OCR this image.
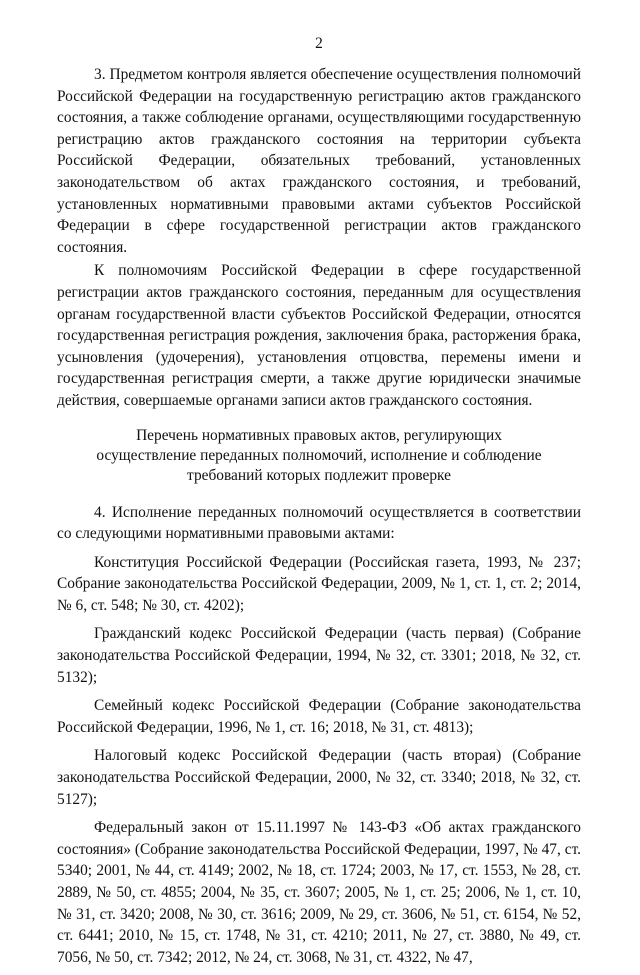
2

3. Предметом контроля является обеспечение осуществления полномочий Российской Федерации на государственную регистрацию актов гражданского состояния, а также соблюдение органами, осуществляющими государственную регистрацию актов гражданского состояния на территории субъекта Российской Федерации, обязательных требований, установленных законодательством об актах гражданского состояния, и требований, установленных нормативными правовыми актами субъектов Российской Федерации в сфере государственной регистрации актов гражданского состояния.

К полномочиям Российской Федерации в сфере государственной регистрации актов гражданского состояния, переданным для осуществления органам государственной власти субъектов Российской Федерации, относятся государственная регистрация рождения, заключения брака, расторжения брака, усыновления (удочерения), установления отцовства, перемены имени и государственная регистрация смерти, а также другие юридически значимые действия, совершаемые органами записи актов гражданского состояния.

Перечень нормативных правовых актов, регулирующих
осуществление переданных полномочий, исполнение и соблюдение
требований которых подлежит проверке

4. Исполнение переданных полномочий осуществляется в соответствии со следующими нормативными правовыми актами:

Конституция Российской Федерации (Российская газета, 1993, № 237; Собрание законодательства Российской Федерации, 2009, № 1, ст. 1, ст. 2; 2014, № 6, ст. 548; № 30, ст. 4202);

Гражданский кодекс Российской Федерации (часть первая) (Собрание законодательства Российской Федерации, 1994, № 32, ст. 3301; 2018, № 32, ст. 5132);

Семейный кодекс Российской Федерации (Собрание законодательства Российской Федерации, 1996, № 1, ст. 16; 2018, № 31, ст. 4813);

Налоговый кодекс Российской Федерации (часть вторая) (Собрание законодательства Российской Федерации, 2000, № 32, ст. 3340; 2018, № 32, ст. 5127);

Федеральный закон от 15.11.1997 № 143-ФЗ «Об актах гражданского состояния» (Собрание законодательства Российской Федерации, 1997, № 47, ст. 5340; 2001, № 44, ст. 4149; 2002, № 18, ст. 1724; 2003, № 17, ст. 1553, № 28, ст. 2889, № 50, ст. 4855; 2004, № 35, ст. 3607; 2005, № 1, ст. 25; 2006, № 1, ст. 10, № 31, ст. 3420; 2008, № 30, ст. 3616; 2009, № 29, ст. 3606, № 51, ст. 6154, № 52, ст. 6441; 2010, № 15, ст. 1748, № 31, ст. 4210; 2011, № 27, ст. 3880, № 49, ст. 7056, № 50, ст. 7342; 2012, № 24, ст. 3068, № 31, ст. 4322, № 47,
